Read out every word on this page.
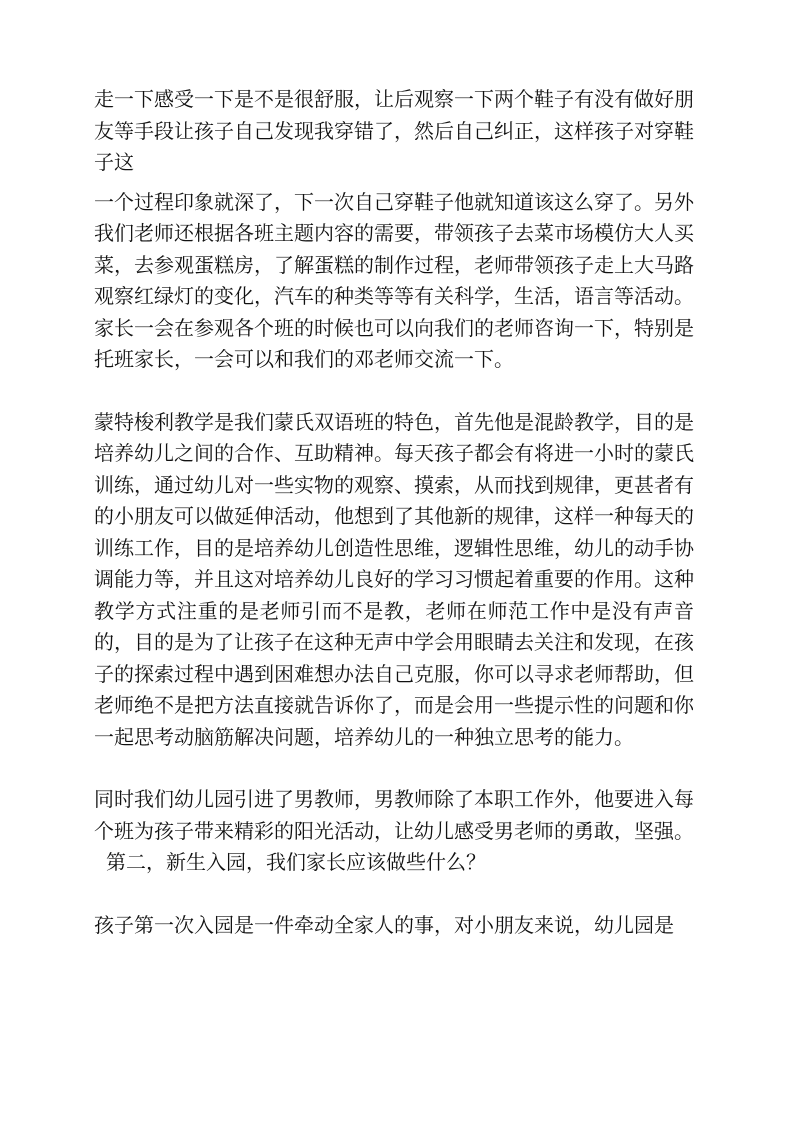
走一下感受一下是不是很舒服，让后观察一下两个鞋子有没有做好朋友等手段让孩子自己发现我穿错了，然后自己纠正，这样孩子对穿鞋子这

一个过程印象就深了，下一次自己穿鞋子他就知道该这么穿了。另外我们老师还根据各班主题内容的需要，带领孩子去菜市场模仿大人买菜，去参观蛋糕房，了解蛋糕的制作过程，老师带领孩子走上大马路观察红绿灯的变化，汽车的种类等等有关科学，生活，语言等活动。家长一会在参观各个班的时候也可以向我们的老师咨询一下，特别是托班家长，一会可以和我们的邓老师交流一下。

蒙特梭利教学是我们蒙氏双语班的特色，首先他是混龄教学，目的是培养幼儿之间的合作、互助精神。每天孩子都会有将进一小时的蒙氏训练，通过幼儿对一些实物的观察、摸索，从而找到规律，更甚者有的小朋友可以做延伸活动，他想到了其他新的规律，这样一种每天的训练工作，目的是培养幼儿创造性思维，逻辑性思维，幼儿的动手协调能力等，并且这对培养幼儿良好的学习习惯起着重要的作用。这种教学方式注重的是老师引而不是教，老师在师范工作中是没有声音的，目的是为了让孩子在这种无声中学会用眼睛去关注和发现，在孩子的探索过程中遇到困难想办法自己克服，你可以寻求老师帮助，但老师绝不是把方法直接就告诉你了，而是会用一些提示性的问题和你一起思考动脑筋解决问题，培养幼儿的一种独立思考的能力。

同时我们幼儿园引进了男教师，男教师除了本职工作外，他要进入每个班为孩子带来精彩的阳光活动，让幼儿感受男老师的勇敢，坚强。

第二，新生入园，我们家长应该做些什么？

孩子第一次入园是一件牵动全家人的事，对小朋友来说，幼儿园是
